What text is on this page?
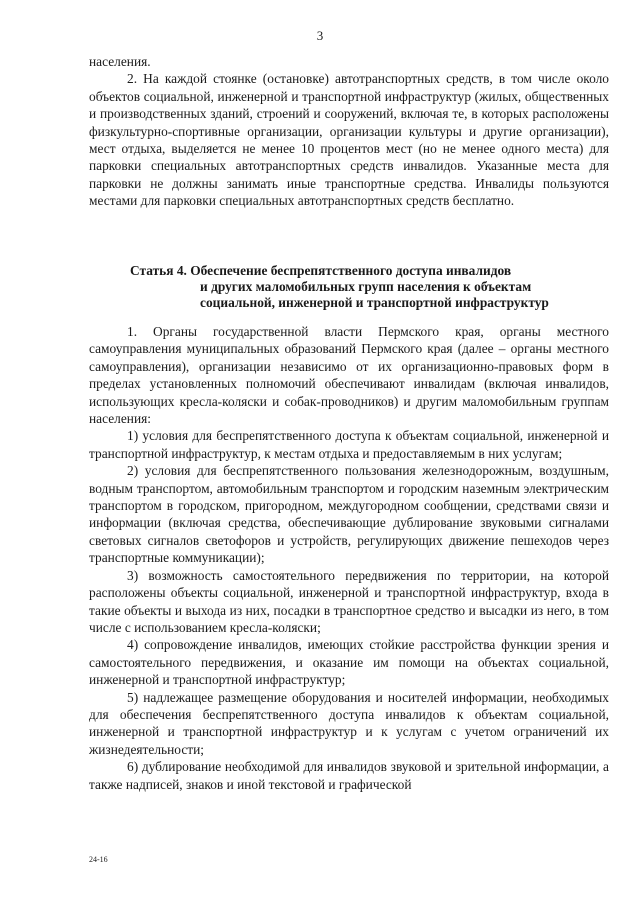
3

населения.

2. На каждой стоянке (остановке) автотранспортных средств, в том числе около объектов социальной, инженерной и транспортной инфраструктур (жилых, общественных и производственных зданий, строений и сооружений, включая те, в которых расположены физкультурно-спортивные организации, организации культуры и другие организации), мест отдыха, выделяется не менее 10 процентов мест (но не менее одного места) для парковки специальных автотранспортных средств инвалидов. Указанные места для парковки не должны занимать иные транспортные средства. Инвалиды пользуются местами для парковки специальных автотранспортных средств бесплатно.

Статья 4. Обеспечение беспрепятственного доступа инвалидов
и других маломобильных групп населения к объектам
социальной, инженерной и транспортной инфраструктур

1. Органы государственной власти Пермского края, органы местного самоуправления муниципальных образований Пермского края (далее – органы местного самоуправления), организации независимо от их организационно-правовых форм в пределах установленных полномочий обеспечивают инвалидам (включая инвалидов, использующих кресла-коляски и собак-проводников) и другим маломобильным группам населения:

1) условия для беспрепятственного доступа к объектам социальной, инженерной и транспортной инфраструктур, к местам отдыха и предоставляемым в них услугам;

2) условия для беспрепятственного пользования железнодорожным, воздушным, водным транспортом, автомобильным транспортом и городским наземным электрическим транспортом в городском, пригородном, междугородном сообщении, средствами связи и информации (включая средства, обеспечивающие дублирование звуковыми сигналами световых сигналов светофоров и устройств, регулирующих движение пешеходов через транспортные коммуникации);

3) возможность самостоятельного передвижения по территории, на которой расположены объекты социальной, инженерной и транспортной инфраструктур, входа в такие объекты и выхода из них, посадки в транспортное средство и высадки из него, в том числе с использованием кресла-коляски;

4) сопровождение инвалидов, имеющих стойкие расстройства функции зрения и самостоятельного передвижения, и оказание им помощи на объектах социальной, инженерной и транспортной инфраструктур;

5) надлежащее размещение оборудования и носителей информации, необходимых для обеспечения беспрепятственного доступа инвалидов к объектам социальной, инженерной и транспортной инфраструктур и к услугам с учетом ограничений их жизнедеятельности;

6) дублирование необходимой для инвалидов звуковой и зрительной информации, а также надписей, знаков и иной текстовой и графической

24-16
